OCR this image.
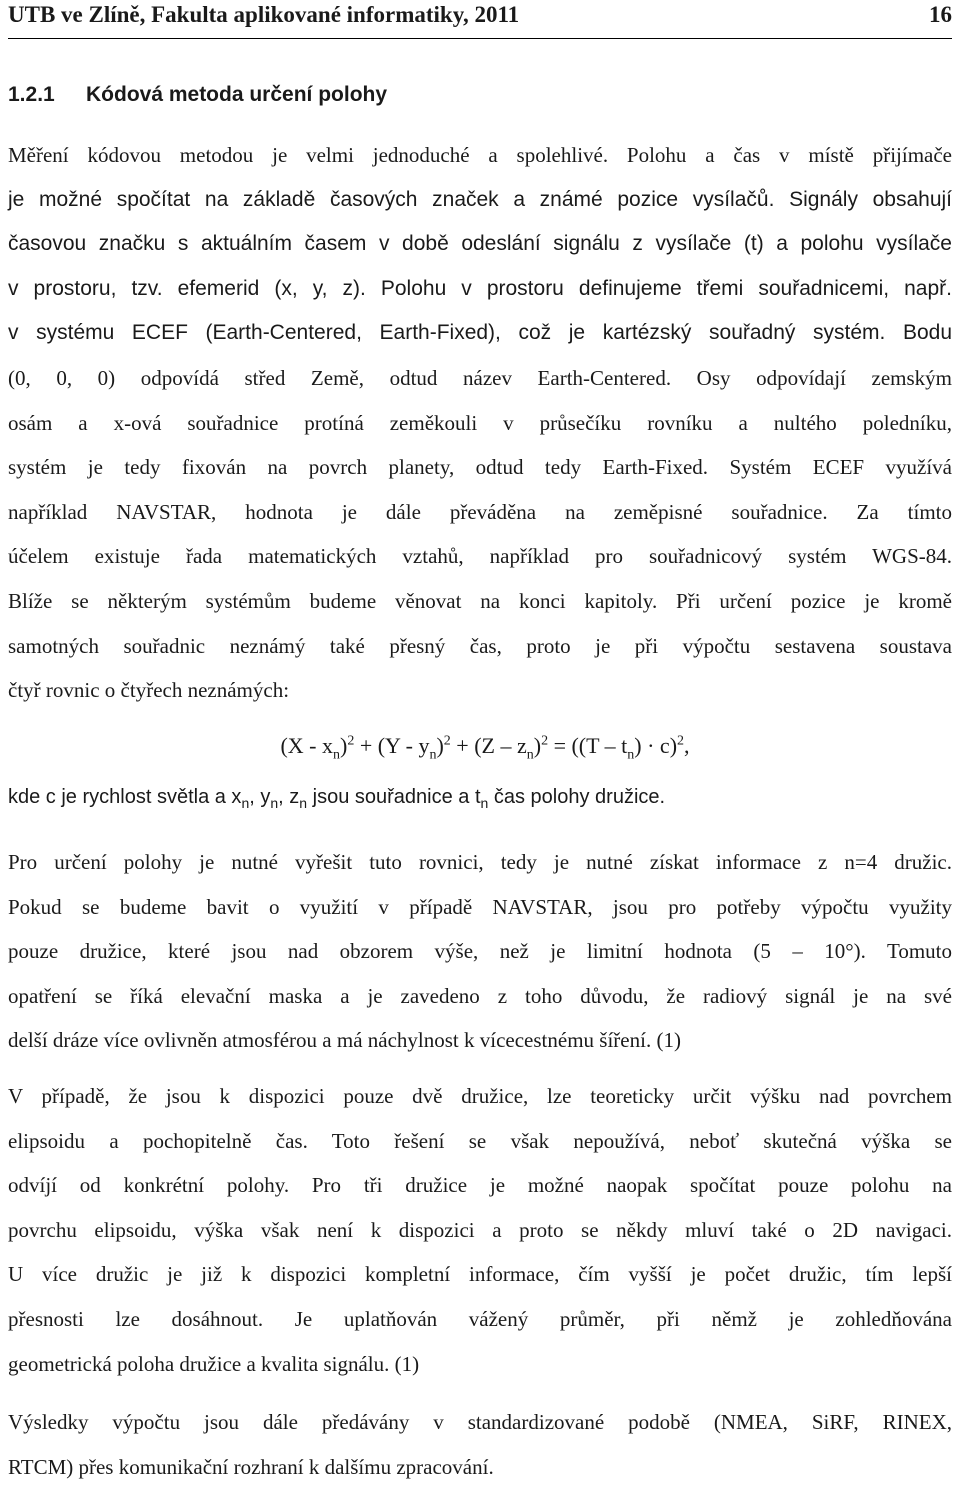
UTB ve Zlíně, Fakulta aplikované informatiky, 2011	16
1.2.1 Kódová metoda určení polohy
Měření kódovou metodou je velmi jednoduché a spolehlivé. Polohu a čas v místě přijímače
je možné spočítat na základě časových značek a známé pozice vysílačů. Signály obsahují
časovou značku s aktuálním časem v době odeslání signálu z vysílače (t) a polohu vysílače
v prostoru, tzv. efemerid (x, y, z). Polohu v prostoru definujeme třemi souřadnicemi, např.
v systému ECEF (Earth-Centered, Earth-Fixed), což je kartézský souřadný systém. Bodu
(0, 0, 0) odpovídá střed Země, odtud název Earth-Centered. Osy odpovídají zemským
osám a x-ová souřadnice protíná zeměkouli v průsečíku rovníku a nultého poledníku,
systém je tedy fixován na povrch planety, odtud tedy Earth-Fixed. Systém ECEF využívá
například NAVSTAR, hodnota je dále převáděna na zeměpisné souřadnice. Za tímto
účelem existuje řada matematických vztahů, například pro souřadnicový systém WGS-84.
Blíže se některým systémům budeme věnovat na konci kapitoly. Při určení pozice je kromě
samotných souřadnic neznámý také přesný čas, proto je při výpočtu sestavena soustava
čtyř rovnic o čtyřech neznámých:
$(X - x_n)^2 + (Y - y_n)^2 + (Z - z_n)^2 = ((T - t_n) \cdot c)^2$,
kde c je rychlost světla a $x_n$, $y_n$, $z_n$ jsou souřadnice a $t_n$ čas polohy družice.
Pro určení polohy je nutné vyřešit tuto rovnici, tedy je nutné získat informace z n=4 družic.
Pokud se budeme bavit o využití v případě NAVSTAR, jsou pro potřeby výpočtu využity
pouze družice, které jsou nad obzorem výše, než je limitní hodnota (5 – 10°). Tomuto
opatření se říká elevační maska a je zavedeno z toho důvodu, že radiový signál je na své
delší dráze více ovlivněn atmosférou a má náchylnost k vícecestnému šíření. (1)
V případě, že jsou k dispozici pouze dvě družice, lze teoreticky určit výšku nad povrchem
elipsoidu a pochopitelně čas. Toto řešení se však nepoužívá, neboť skutečná výška se
odvíjí od konkrétní polohy. Pro tři družice je možné naopak spočítat pouze polohu na
povrchu elipsoidu, výška však není k dispozici a proto se někdy mluví také o 2D navigaci.
U více družic je již k dispozici kompletní informace, čím vyšší je počet družic, tím lepší
přesnosti lze dosáhnout. Je uplatňován vážený průměr, při němž je zohledňována
geometrická poloha družice a kvalita signálu. (1)
Výsledky výpočtu jsou dále předávány v standardizované podobě (NMEA, SiRF, RINEX,
RTCM) přes komunikační rozhraní k dalšímu zpracování.
